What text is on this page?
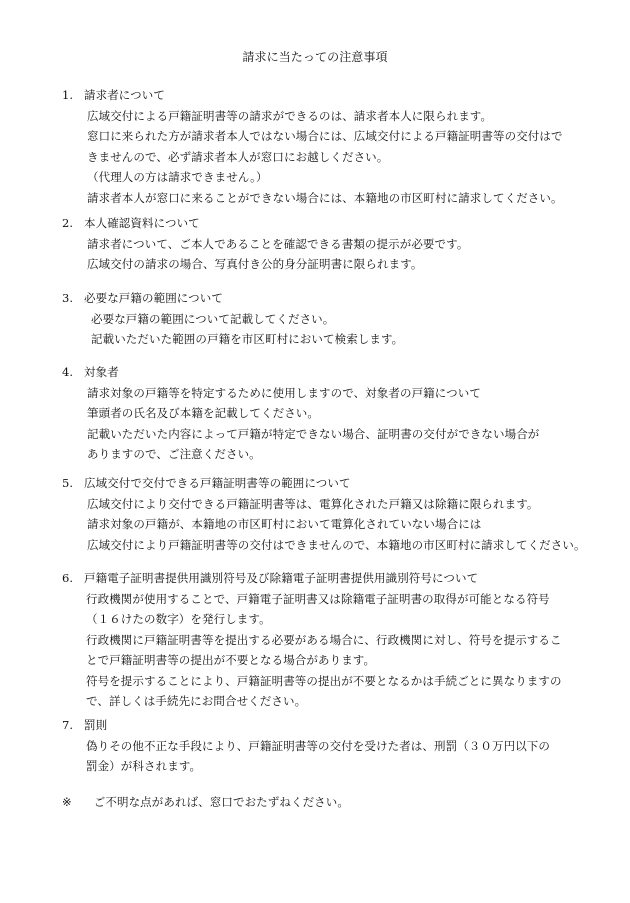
請求に当たっての注意事項
1. 請求者について
広域交付による戸籍証明書等の請求ができるのは、請求者本人に限られます。
窓口に来られた方が請求者本人ではない場合には、広域交付による戸籍証明書等の交付はで
きませんので、必ず請求者本人が窓口にお越しください。
（代理人の方は請求できません。）
請求者本人が窓口に来ることができない場合には、本籍地の市区町村に請求してください。
2. 本人確認資料について
請求者について、ご本人であることを確認できる書類の提示が必要です。
広域交付の請求の場合、写真付き公的身分証明書に限られます。
3. 必要な戸籍の範囲について
必要な戸籍の範囲について記載してください。
記載いただいた範囲の戸籍を市区町村において検索します。
4. 対象者
請求対象の戸籍等を特定するために使用しますので、対象者の戸籍について
筆頭者の氏名及び本籍を記載してください。
記載いただいた内容によって戸籍が特定できない場合、証明書の交付ができない場合が
ありますので、ご注意ください。
5. 広域交付で交付できる戸籍証明書等の範囲について
広域交付により交付できる戸籍証明書等は、電算化された戸籍又は除籍に限られます。
請求対象の戸籍が、本籍地の市区町村において電算化されていない場合には
広域交付により戸籍証明書等の交付はできませんので、本籍地の市区町村に請求してください。
6. 戸籍電子証明書提供用識別符号及び除籍電子証明書提供用識別符号について
行政機関が使用することで、戸籍電子証明書又は除籍電子証明書の取得が可能となる符号
（１６けたの数字）を発行します。
行政機関に戸籍証明書等を提出する必要がある場合に、行政機関に対し、符号を提示するこ
とで戸籍証明書等の提出が不要となる場合があります。
符号を提示することにより、戸籍証明書等の提出が不要となるかは手続ごとに異なりますの
で、詳しくは手続先にお問合せください。
7. 罰則
偽りその他不正な手段により、戸籍証明書等の交付を受けた者は、刑罰（３０万円以下の
罰金）が科されます。
※ ご不明な点があれば、窓口でおたずねください。
